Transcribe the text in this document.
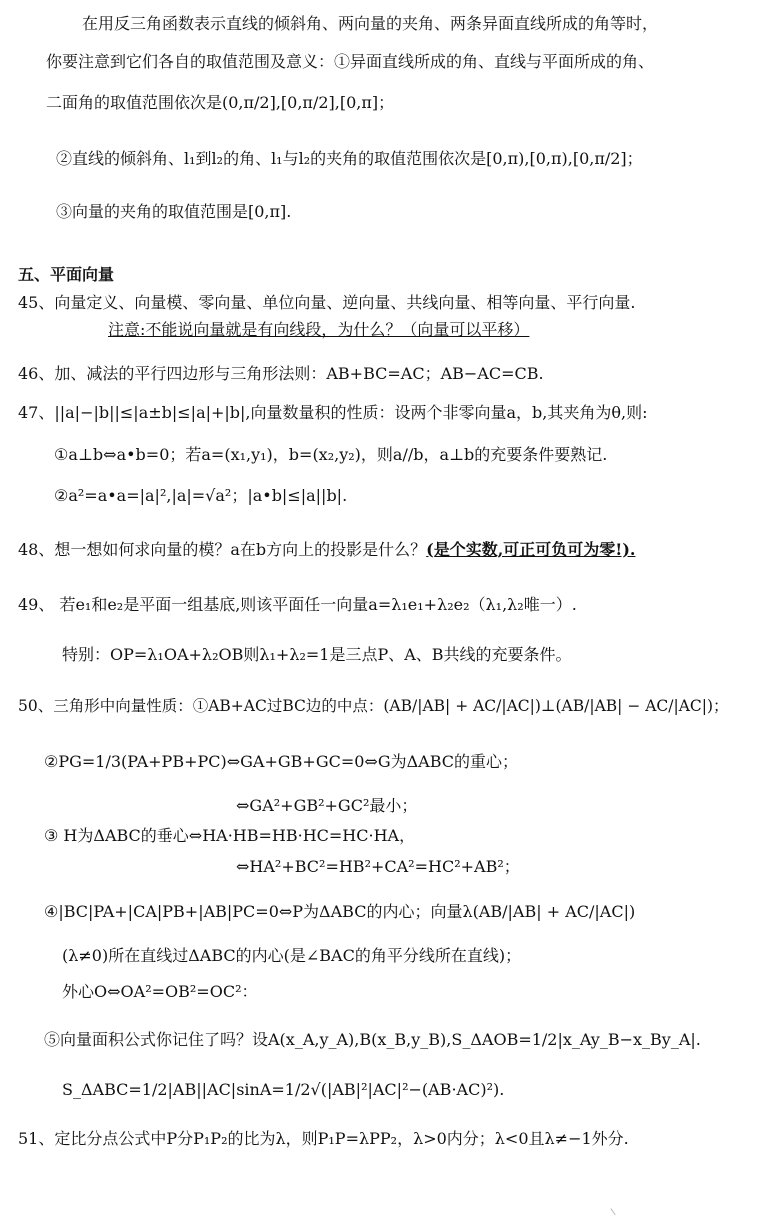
在用反三角函数表示直线的倾斜角、两向量的夹角、两条异面直线所成的角等时，
你要注意到它们各自的取值范围及意义：①异面直线所成的角、直线与平面所成的角、
二面角的取值范围依次是(0,π/2],[0,π/2],[0,π]；
②直线的倾斜角、l₁到l₂的角、l₁与l₂的夹角的取值范围依次是[0,π),[0,π),[0,π/2]；
③向量的夹角的取值范围是[0,π].
五、平面向量
45、向量定义、向量模、零向量、单位向量、逆向量、共线向量、相等向量、平行向量.
注意:不能说向量就是有向线段，为什么？（向量可以平移）
46、加、减法的平行四边形与三角形法则：AB+BC=AC；AB−AC=CB.
47、||a|−|b||≤|a±b|≤|a|+|b|,向量数量积的性质：设两个非零向量a，b,其夹角为θ,则:
①a⊥b⇔a•b=0；若a=(x₁,y₁)，b=(x₂,y₂)，则a//b，a⊥b的充要条件要熟记.
②a²=a•a=|a|²,|a|=√a²；|a•b|≤|a||b|.
48、想一想如何求向量的模？a在b方向上的投影是什么？(是个实数,可正可负可为零!).
49、 若e₁和e₂是平面一组基底,则该平面任一向量a=λ₁e₁+λ₂e₂（λ₁,λ₂唯一）.
特别：OP=λ₁OA+λ₂OB则λ₁+λ₂=1是三点P、A、B共线的充要条件。
50、三角形中向量性质：①AB+AC过BC边的中点：(AB/|AB| + AC/|AC|)⊥(AB/|AB| − AC/|AC|)；
②PG=1/3(PA+PB+PC)⇔GA+GB+GC=0⇔G为ΔABC的重心；
⇔GA²+GB²+GC²最小；
③ H为ΔABC的垂心⇔HA·HB=HB·HC=HC·HA，
⇔HA²+BC²=HB²+CA²=HC²+AB²；
④|BC|PA+|CA|PB+|AB|PC=0⇔P为ΔABC的内心；向量λ(AB/|AB| + AC/|AC|)
(λ≠0)所在直线过ΔABC的内心(是∠BAC的角平分线所在直线)；
外心O⇔OA²=OB²=OC²：
⑤向量面积公式你记住了吗？设A(x_A,y_A),B(x_B,y_B),S_ΔAOB=1/2|x_Ay_B−x_By_A|.
S_ΔABC=1/2|AB||AC|sinA=1/2√(|AB|²|AC|²−(AB·AC)²).
51、定比分点公式中P分P₁P₂的比为λ，则P₁P=λPP₂，λ>0内分；λ<0且λ≠−1外分.
